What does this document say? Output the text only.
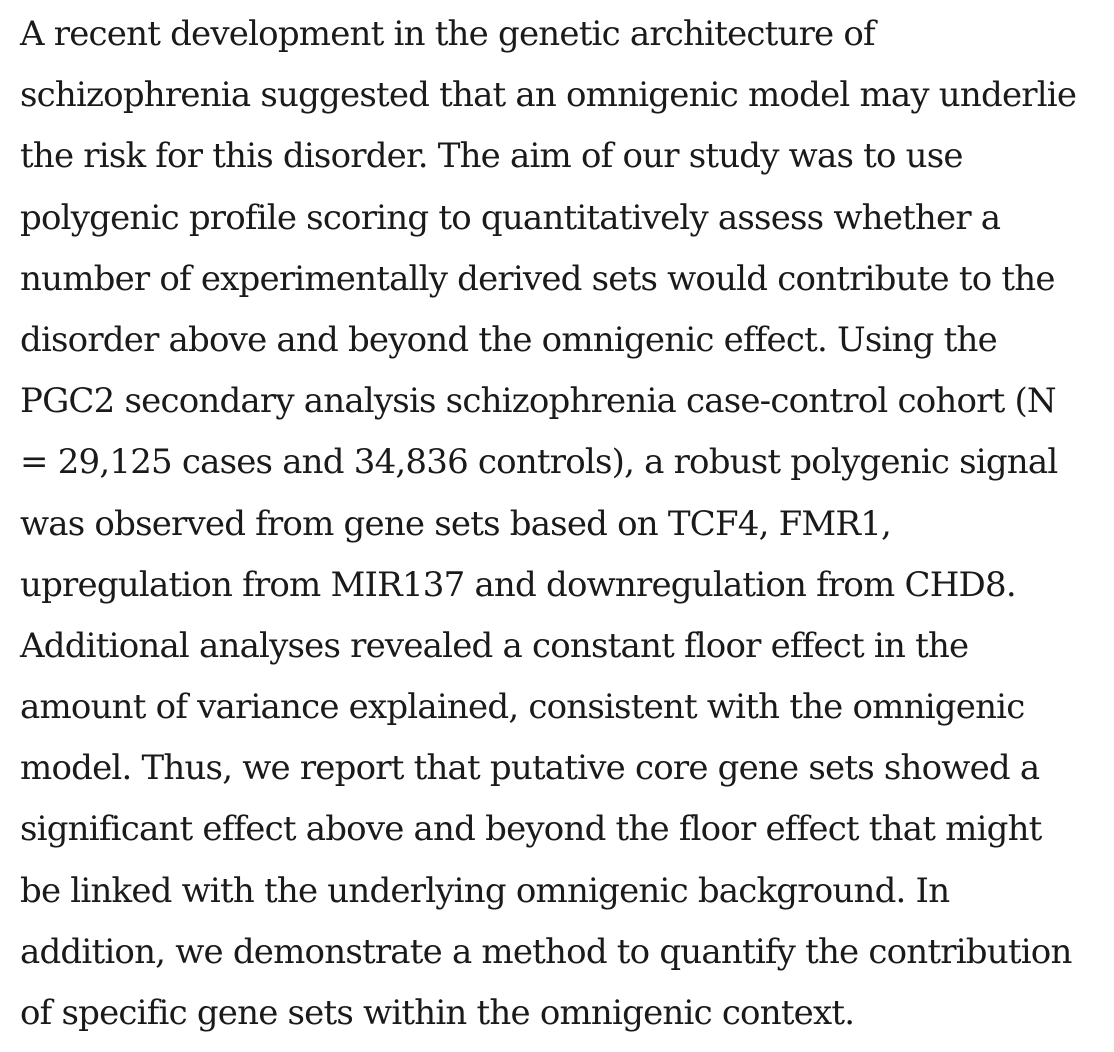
A recent development in the genetic architecture of
schizophrenia suggested that an omnigenic model may underlie
the risk for this disorder. The aim of our study was to use
polygenic profile scoring to quantitatively assess whether a
number of experimentally derived sets would contribute to the
disorder above and beyond the omnigenic effect. Using the
PGC2 secondary analysis schizophrenia case-control cohort (N
= 29,125 cases and 34,836 controls), a robust polygenic signal
was observed from gene sets based on TCF4, FMR1,
upregulation from MIR137 and downregulation from CHD8.
Additional analyses revealed a constant floor effect in the
amount of variance explained, consistent with the omnigenic
model. Thus, we report that putative core gene sets showed a
significant effect above and beyond the floor effect that might
be linked with the underlying omnigenic background. In
addition, we demonstrate a method to quantify the contribution
of specific gene sets within the omnigenic context.
